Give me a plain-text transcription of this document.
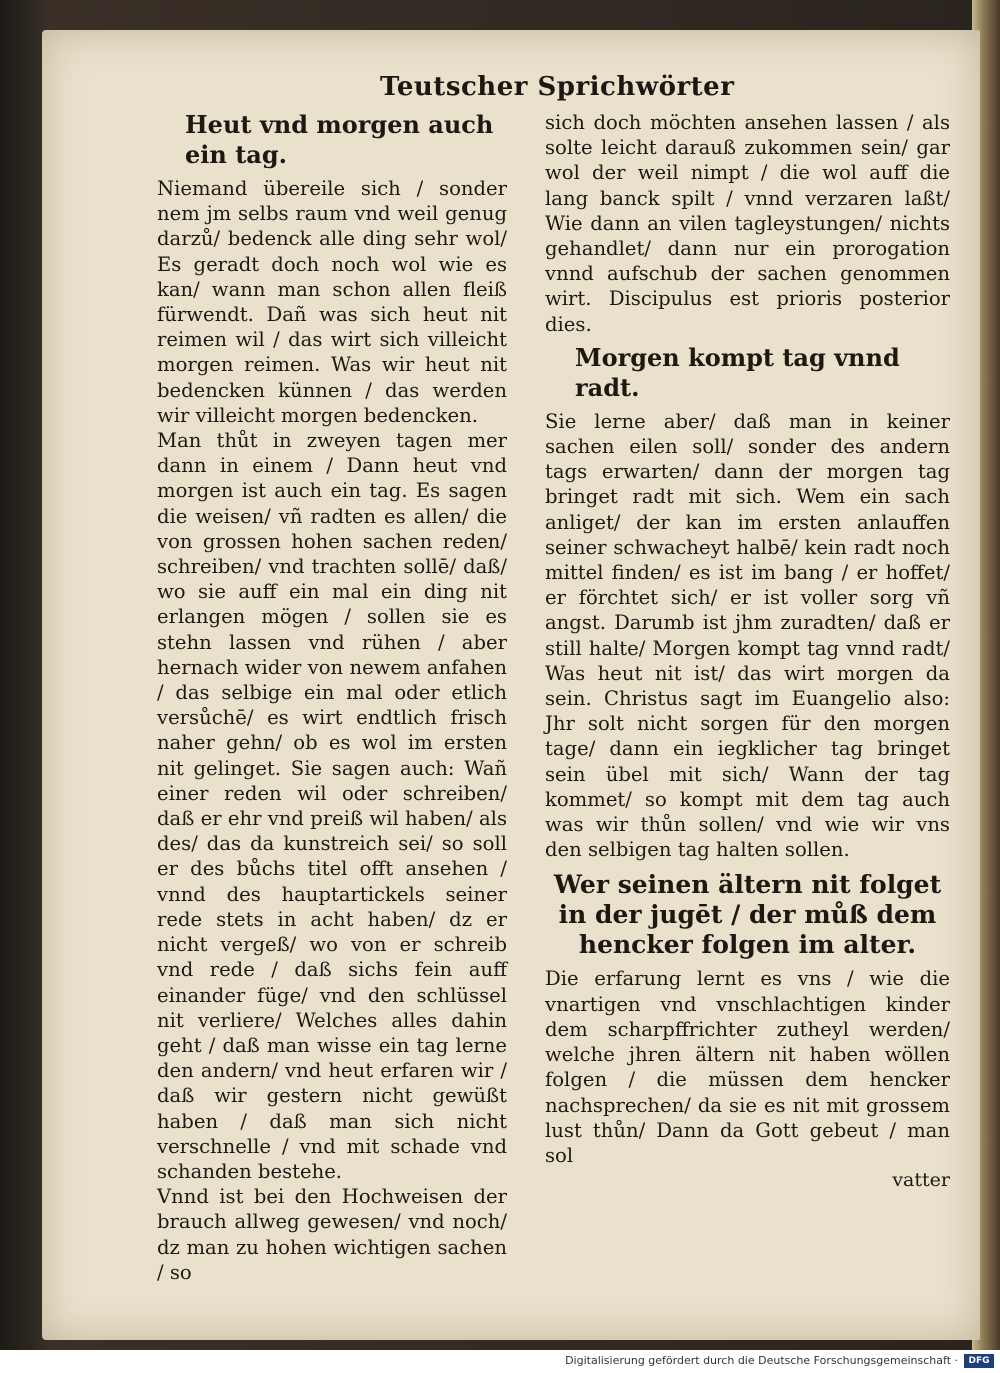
Teutscher Sprichwörter

Heut vnd morgen auch ein tag.

Niemand übereile sich / sonder nem jm selbs raum vnd weil genug darzů/ bedenck alle ding sehr wol/ Es geradt doch noch wol wie es kan/ wann man schon allen fleiß fürwendt. Dañ was sich heut nit reimen wil / das wirt sich villeicht morgen reimen. Was wir heut nit bedencken künnen / das werden wir villeicht morgen bedencken.

Man thůt in zweyen tagen mer dann in einem / Dann heut vnd morgen ist auch ein tag. Es sagen die weisen/ vñ radten es allen/ die von grossen hohen sachen reden/ schreiben/ vnd trachten sollē/ daß/ wo sie auff ein mal ein ding nit erlangen mögen / sollen sie es stehn lassen vnd rühen / aber hernach wider von newem anfahen / das selbige ein mal oder etlich versůchē/ es wirt endtlich frisch naher gehn/ ob es wol im ersten nit gelinget. Sie sagen auch: Wañ einer reden wil oder schreiben/ daß er ehr vnd preiß wil haben/ als des/ das da kunstreich sei/ so soll er des bůchs titel offt ansehen / vnnd des hauptartickels seiner rede stets in acht haben/ dz er nicht vergeß/ wo von er schreib vnd rede / daß sichs fein auff einander füge/ vnd den schlüssel nit verliere/ Welches alles dahin geht / daß man wisse ein tag lerne den andern/ vnd heut erfaren wir / daß wir gestern nicht gewüßt haben / daß man sich nicht verschnelle / vnd mit schade vnd schanden bestehe.

Vnnd ist bei den Hochweisen der brauch allweg gewesen/ vnd noch/ dz man zu hohen wichtigen sachen / so

sich doch möchten ansehen lassen / als solte leicht darauß zukommen sein/ gar wol der weil nimpt / die wol auff die lang banck spilt / vnnd verzaren laßt/ Wie dann an vilen tagleystungen/ nichts gehandlet/ dann nur ein prorogation vnnd aufschub der sachen genommen wirt. Discipulus est prioris posterior dies.

Morgen kompt tag vnnd radt.

Sie lerne aber/ daß man in keiner sachen eilen soll/ sonder des andern tags erwarten/ dann der morgen tag bringet radt mit sich. Wem ein sach anliget/ der kan im ersten anlauffen seiner schwacheyt halbē/ kein radt noch mittel finden/ es ist im bang / er hoffet/ er förchtet sich/ er ist voller sorg vñ angst. Darumb ist jhm zuradten/ daß er still halte/ Morgen kompt tag vnnd radt/ Was heut nit ist/ das wirt morgen da sein. Christus sagt im Euangelio also: Jhr solt nicht sorgen für den morgen tage/ dann ein iegklicher tag bringet sein übel mit sich/ Wann der tag kommet/ so kompt mit dem tag auch was wir thůn sollen/ vnd wie wir vns den selbigen tag halten sollen.

Wer seinen ältern nit folget in der jugēt / der můß dem hencker folgen im alter.

Die erfarung lernt es vns / wie die vnartigen vnd vnschlachtigen kinder dem scharpffrichter zutheyl werden/ welche jhren ältern nit haben wöllen folgen / die müssen dem hencker nachsprechen/ da sie es nit mit grossem lust thůn/ Dann da Gott gebeut / man sol

vatter

Digitalisierung gefördert durch die Deutsche Forschungsgemeinschaft ·	DFG
